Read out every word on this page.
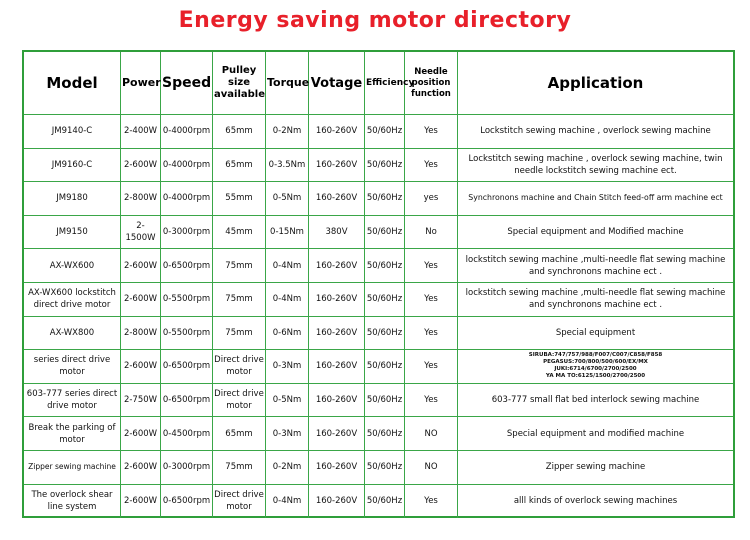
Energy saving motor directory
Model	Power	Speed	Pulley size available	Torque	Votage	Efficiency	Needle position function	Application
JM9140-C	2-400W	0-4000rpm	65mm	0-2Nm	160-260V	50/60Hz	Yes	Lockstitch sewing machine , overlock sewing machine
JM9160-C	2-600W	0-4000rpm	65mm	0-3.5Nm	160-260V	50/60Hz	Yes	Lockstitch sewing machine , overlock sewing machine, twin needle lockstitch sewing machine ect.
JM9180	2-800W	0-4000rpm	55mm	0-5Nm	160-260V	50/60Hz	yes	Synchronons machine and Chain Stitch feed-off arm machine ect
JM9150	2-1500W	0-3000rpm	45mm	0-15Nm	380V	50/60Hz	No	Special equipment and Modified machine
AX-WX600	2-600W	0-6500rpm	75mm	0-4Nm	160-260V	50/60Hz	Yes	lockstitch sewing machine ,multi-needle flat sewing machine and synchronons machine ect .
AX-WX600 lockstitch direct drive motor	2-600W	0-5500rpm	75mm	0-4Nm	160-260V	50/60Hz	Yes	lockstitch sewing machine ,multi-needle flat sewing machine and synchronons machine ect .
AX-WX800	2-800W	0-5500rpm	75mm	0-6Nm	160-260V	50/60Hz	Yes	Special equipment
series direct drive motor	2-600W	0-6500rpm	Direct drive motor	0-3Nm	160-260V	50/60Hz	Yes	SIRUBA:747/757/988/F007/C007/C858/F858
PEGASUS:700/800/500/600/EX/MX
JUKI:6714/6700/2700/2500
YA MA TO:6125/1500/2700/2500

603-777 series direct drive motor	2-750W	0-6500rpm	Direct drive motor	0-5Nm	160-260V	50/60Hz	Yes	603-777 small flat bed interlock sewing machine
Break the parking of motor	2-600W	0-4500rpm	65mm	0-3Nm	160-260V	50/60Hz	NO	Special equipment and modified machine
Zipper sewing machine	2-600W	0-3000rpm	75mm	0-2Nm	160-260V	50/60Hz	NO	Zipper sewing machine
The overlock shear line system	2-600W	0-6500rpm	Direct drive motor	0-4Nm	160-260V	50/60Hz	Yes	alll kinds of overlock sewing machines
